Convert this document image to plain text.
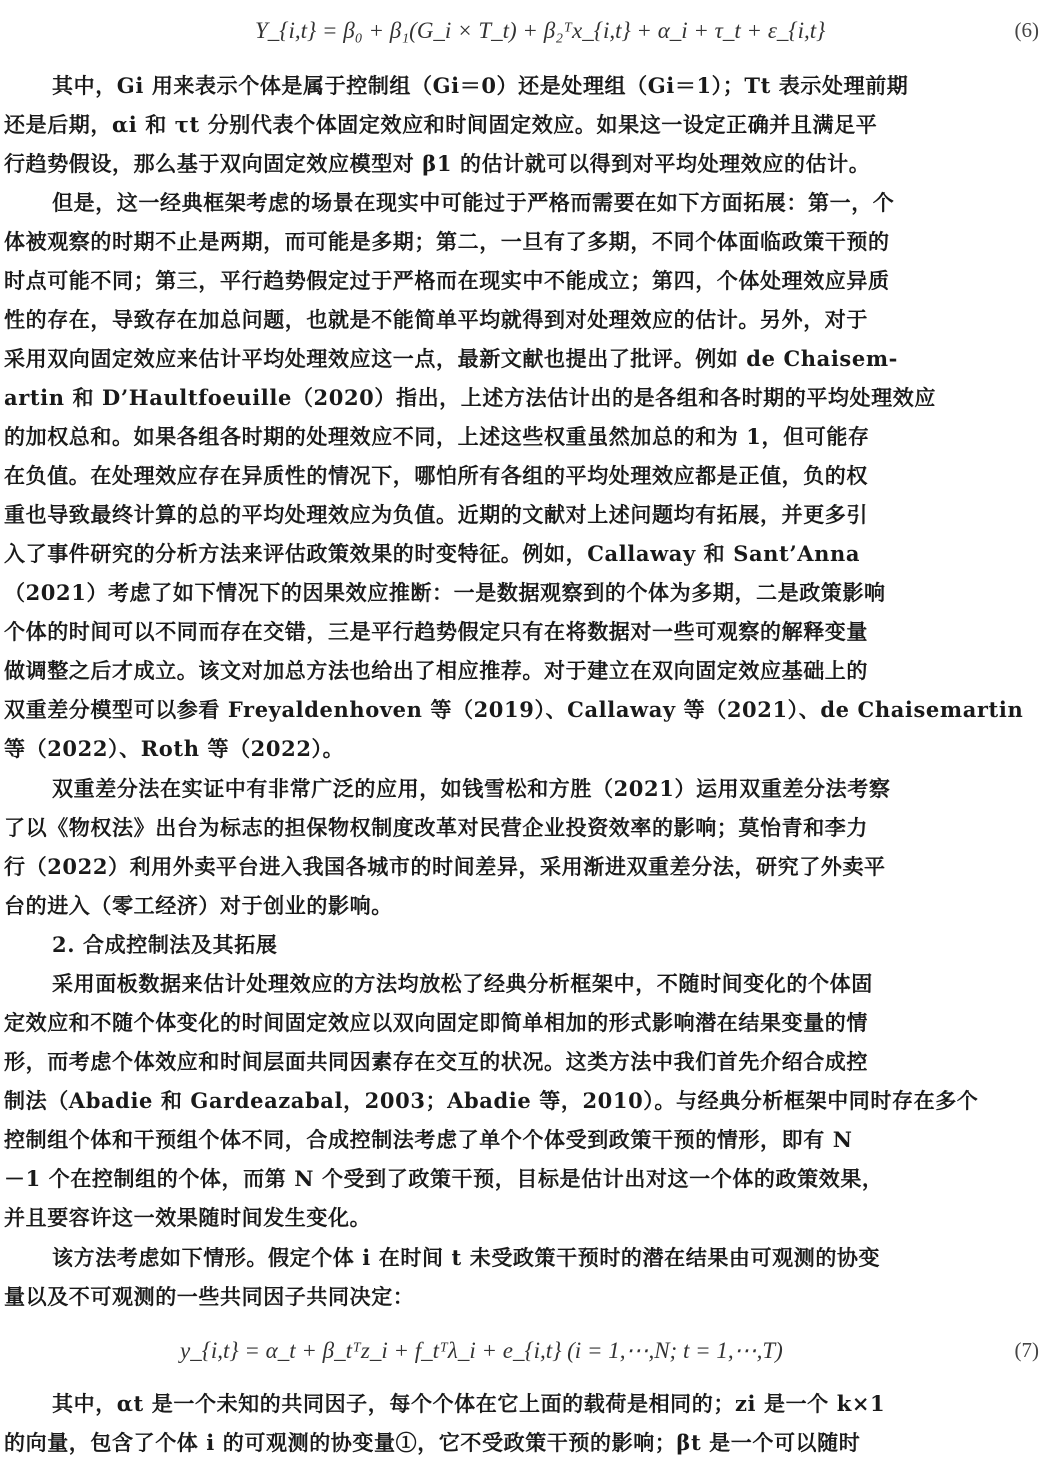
Y_{i,t} = β₀ + β₁(G_i × T_t) + β₂ᵀx_{i,t} + α_i + τ_t + ε_{i,t}	(6)
其中，Gi 用来表示个体是属于控制组（Gi＝0）还是处理组（Gi＝1）；Tt 表示处理前期
还是后期，αi 和 τt 分别代表个体固定效应和时间固定效应。如果这一设定正确并且满足平
行趋势假设，那么基于双向固定效应模型对 β1 的估计就可以得到对平均处理效应的估计。
但是，这一经典框架考虑的场景在现实中可能过于严格而需要在如下方面拓展：第一，个
体被观察的时期不止是两期，而可能是多期；第二，一旦有了多期，不同个体面临政策干预的
时点可能不同；第三，平行趋势假定过于严格而在现实中不能成立；第四，个体处理效应异质
性的存在，导致存在加总问题，也就是不能简单平均就得到对处理效应的估计。另外，对于
采用双向固定效应来估计平均处理效应这一点，最新文献也提出了批评。例如 de Chaisem-
artin 和 D’Haultfoeuille（2020）指出，上述方法估计出的是各组和各时期的平均处理效应
的加权总和。如果各组各时期的处理效应不同，上述这些权重虽然加总的和为 1，但可能存
在负值。在处理效应存在异质性的情况下，哪怕所有各组的平均处理效应都是正值，负的权
重也导致最终计算的总的平均处理效应为负值。近期的文献对上述问题均有拓展，并更多引
入了事件研究的分析方法来评估政策效果的时变特征。例如，Callaway 和 Sant’Anna
（2021）考虑了如下情况下的因果效应推断：一是数据观察到的个体为多期，二是政策影响
个体的时间可以不同而存在交错，三是平行趋势假定只有在将数据对一些可观察的解释变量
做调整之后才成立。该文对加总方法也给出了相应推荐。对于建立在双向固定效应基础上的
双重差分模型可以参看 Freyaldenhoven 等（2019）、Callaway 等（2021）、de Chaisemartin
等（2022）、Roth 等（2022）。
双重差分法在实证中有非常广泛的应用，如钱雪松和方胜（2021）运用双重差分法考察
了以《物权法》出台为标志的担保物权制度改革对民营企业投资效率的影响；莫怡青和李力
行（2022）利用外卖平台进入我国各城市的时间差异，采用渐进双重差分法，研究了外卖平
台的进入（零工经济）对于创业的影响。
2. 合成控制法及其拓展
采用面板数据来估计处理效应的方法均放松了经典分析框架中，不随时间变化的个体固
定效应和不随个体变化的时间固定效应以双向固定即简单相加的形式影响潜在结果变量的情
形，而考虑个体效应和时间层面共同因素存在交互的状况。这类方法中我们首先介绍合成控
制法（Abadie 和 Gardeazabal，2003；Abadie 等，2010）。与经典分析框架中同时存在多个
控制组个体和干预组个体不同，合成控制法考虑了单个个体受到政策干预的情形，即有 N
－1 个在控制组的个体，而第 N 个受到了政策干预，目标是估计出对这一个体的政策效果，
并且要容许这一效果随时间发生变化。
该方法考虑如下情形。假定个体 i 在时间 t 未受政策干预时的潜在结果由可观测的协变
量以及不可观测的一些共同因子共同决定：
y_{i,t} = α_t + β_tᵀz_i + f_tᵀλ_i + e_{i,t} (i = 1,⋯,N; t = 1,⋯,T)	(7)
其中，αt 是一个未知的共同因子，每个个体在它上面的载荷是相同的；zi 是一个 k×1
的向量，包含了个体 i 的可观测的协变量①，它不受政策干预的影响；βt 是一个可以随时
